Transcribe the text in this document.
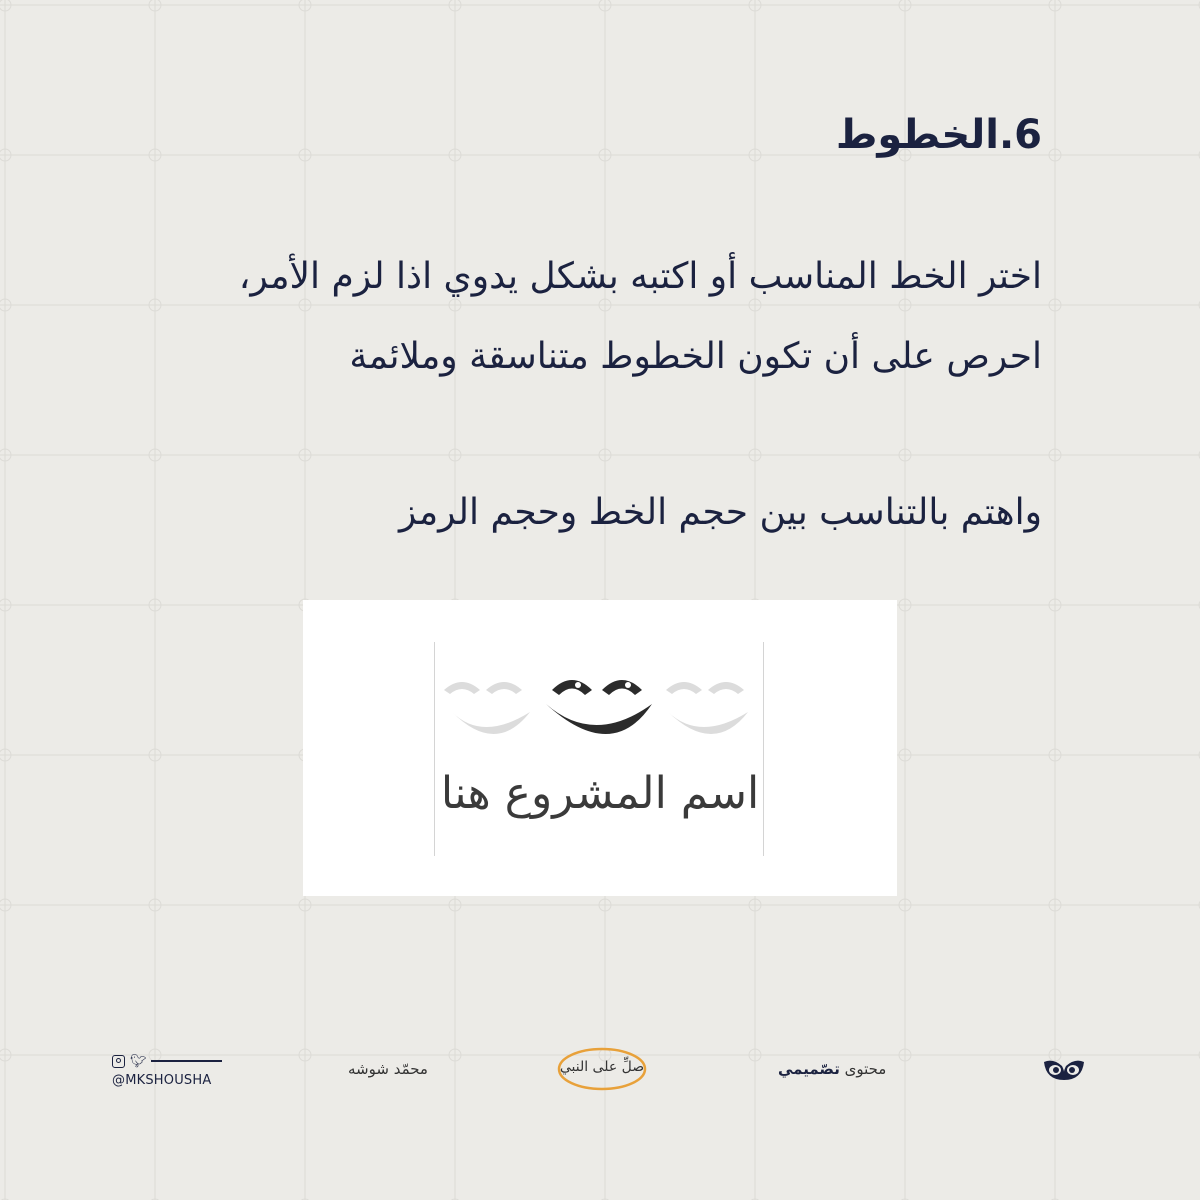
6.الخطوط
اختر الخط المناسب أو اكتبه بشكل يدوي اذا لزم الأمر،
احرص على أن تكون الخطوط متناسقة وملائمة
واهتم بالتناسب بين حجم الخط وحجم الرمز
اسم المشروع هنا
🐦︎
@MKSHOUSHA
محمّد شوشه	صلِّ على النبي	محتوى تصّميمي
